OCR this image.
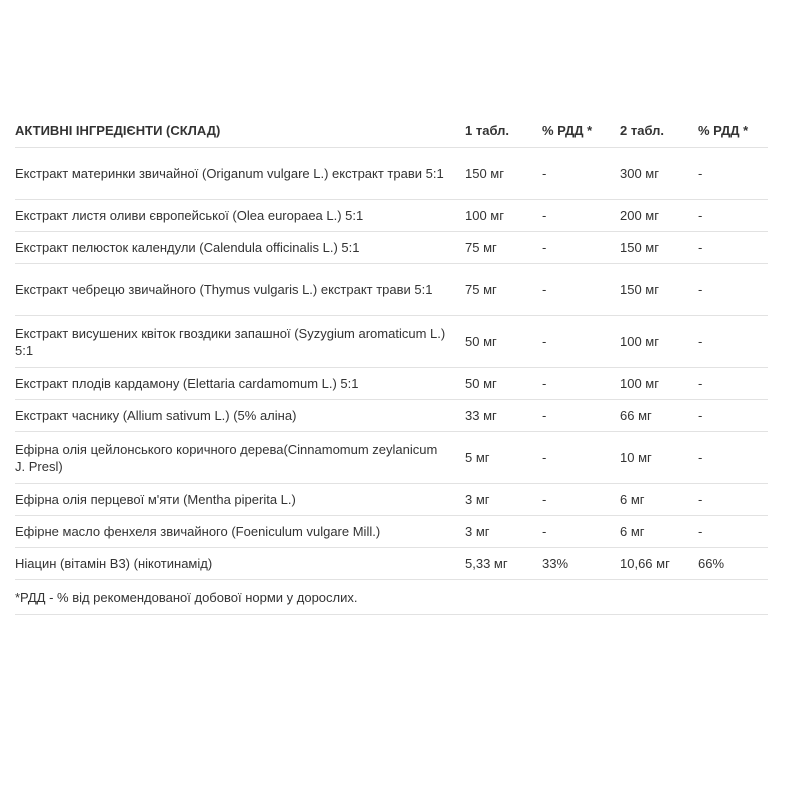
АКТИВНІ ІНГРЕДІЄНТИ (СКЛАД)	1 табл.	% РДД *	2 табл.	% РДД *
Екстракт материнки звичайної (Origanum vulgare L.) екстракт трави 5:1	150 мг	-	300 мг	-
Екстракт листя оливи європейської (Olea europaea L.) 5:1	100 мг	-	200 мг	-
Екстракт пелюсток календули (Calendula officinalis L.) 5:1	75 мг	-	150 мг	-
Екстракт чебрецю звичайного (Thymus vulgaris L.) екстракт трави 5:1	75 мг	-	150 мг	-
Екстракт висушених квіток гвоздики запашної (Syzygium aromaticum L.) 5:1	50 мг	-	100 мг	-
Екстракт плодів кардамону (Elettaria cardamomum L.) 5:1	50 мг	-	100 мг	-
Екстракт часнику (Allium sativum L.) (5% аліна)	33 мг	-	66 мг	-
Ефірна олія цейлонського коричного дерева(Cinnamomum zeylanicum J. Presl)	5 мг	-	10 мг	-
Ефірна олія перцевої м'яти (Mentha piperita L.)	3 мг	-	6 мг	-
Ефірне масло фенхеля звичайного (Foeniculum vulgare Mill.)	3 мг	-	6 мг	-
Ніацин (вітамін B3) (нікотинамід)	5,33 мг	33%	10,66 мг	66%
*РДД - % від рекомендованої добової норми у дорослих.				
